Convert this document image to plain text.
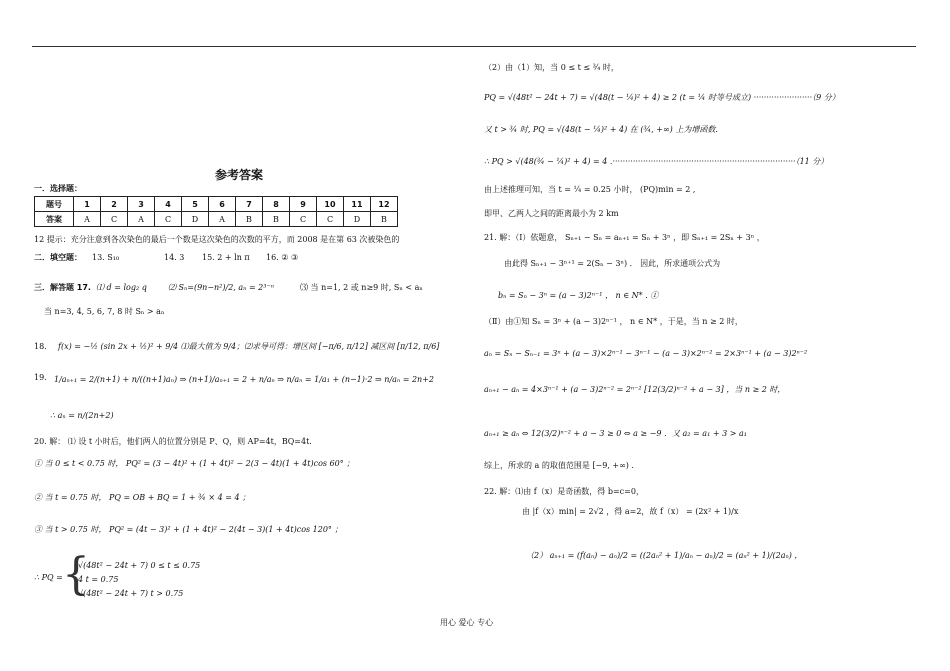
参考答案
一．选择题：
题号	1	2	3	4	5	6	7	8	9	10	11	12
答案	A	C	A	C	D	A	B	B	C	C	D	B
12 提示：充分注意到各次染色的最后一个数是这次染色的次数的平方，而 2008 是在第 63 次被染色的
二．填空题： 13. S₁₀	14. 3 15. 2 + ln π 16. ② ③
三．解答题 17. ⑴ d = log₂ q	⑵ Sₙ=(9n−n²)/2, aₙ = 2³⁻ⁿ	⑶ 当 n=1, 2 或 n≥9 时, Sₙ < aₙ
当 n=3, 4, 5, 6, 7, 8 时 Sₙ > aₙ
18. f(x) = −½ (sin 2x + ½)² + 9/4 ⑴最大值为 9/4；⑵求导可得：增区间 [−π/6, π/12] 减区间 [π/12, π/6]
19. 1/aₙ₊₁ = 2/(n+1) + n/((n+1)aₙ) ⇒ (n+1)/aₙ₊₁ = 2 + n/aₙ ⇒ n/aₙ = 1/a₁ + (n−1)·2 ⇒ n/aₙ = 2n+2
∴ aₙ = n/(2n+2)
20. 解： ⑴ 设 t 小时后，他们两人的位置分别是 P、Q，则 AP=4t，BQ=4t.
① 当 0 ≤ t < 0.75 时， PQ² = (3 − 4t)² + (1 + 4t)² − 2(3 − 4t)(1 + 4t)cos 60° ；
② 当 t = 0.75 时， PQ = OB + BQ = 1 + ¾ × 4 = 4 ；
③ 当 t > 0.75 时， PQ² = (4t − 3)² + (1 + 4t)² − 2(4t − 3)(1 + 4t)cos 120° ；
∴ PQ = {
√(48t² − 24t + 7) 0 ≤ t ≤ 0.75
4 t = 0.75
√(48t² − 24t + 7) t > 0.75
（2）由（1）知，当 0 ≤ t ≤ ¾ 时，
PQ = √(48t² − 24t + 7) = √(48(t − ¼)² + 4) ≥ 2 (t = ¼ 时等号成立) ·······················（9 分）
又 t > ¾ 时, PQ = √(48(t − ¼)² + 4) 在 (¾, +∞) 上为增函数.
∴ PQ > √(48(¾ − ¼)² + 4) = 4 .········································································（11 分）
由上述推理可知，当 t = ¼ = 0.25 小时， (PQ)min = 2 ,
即甲、乙两人之间的距离最小为 2 km
21. 解：（Ⅰ）依题意， Sₙ₊₁ − Sₙ = aₙ₊₁ = Sₙ + 3ⁿ ，即 Sₙ₊₁ = 2Sₙ + 3ⁿ ，
由此得 Sₙ₊₁ − 3ⁿ⁺¹ = 2(Sₙ − 3ⁿ) ． 因此，所求通项公式为
bₙ = Sₙ − 3ⁿ = (a − 3)2ⁿ⁻¹ ， n ∈ N* . ①
（Ⅱ）由①知 Sₙ = 3ⁿ + (a − 3)2ⁿ⁻¹ ， n ∈ N* ，于是，当 n ≥ 2 时，
aₙ = Sₙ − Sₙ₋₁ = 3ⁿ + (a − 3)×2ⁿ⁻¹ − 3ⁿ⁻¹ − (a − 3)×2ⁿ⁻² = 2×3ⁿ⁻¹ + (a − 3)2ⁿ⁻²
aₙ₊₁ − aₙ = 4×3ⁿ⁻¹ + (a − 3)2ⁿ⁻² = 2ⁿ⁻² [12(3/2)ⁿ⁻² + a − 3] ，当 n ≥ 2 时，
aₙ₊₁ ≥ aₙ ⇔ 12(3/2)ⁿ⁻² + a − 3 ≥ 0 ⇔ a ≥ −9 ．又 a₂ = a₁ + 3 > a₁
综上，所求的 a 的取值范围是 [−9, +∞) .
22. 解：⑴由 f（x）是奇函数，得 b=c=0，
由 |f（x）min| = 2√2 ，得 a=2，故 f（x） = (2x² + 1)/x
（2） aₙ₊₁ = (f(aₙ) − aₙ)/2 = ((2aₙ² + 1)/aₙ − aₙ)/2 = (aₙ² + 1)/(2aₙ) ，
用心 爱心 专心
